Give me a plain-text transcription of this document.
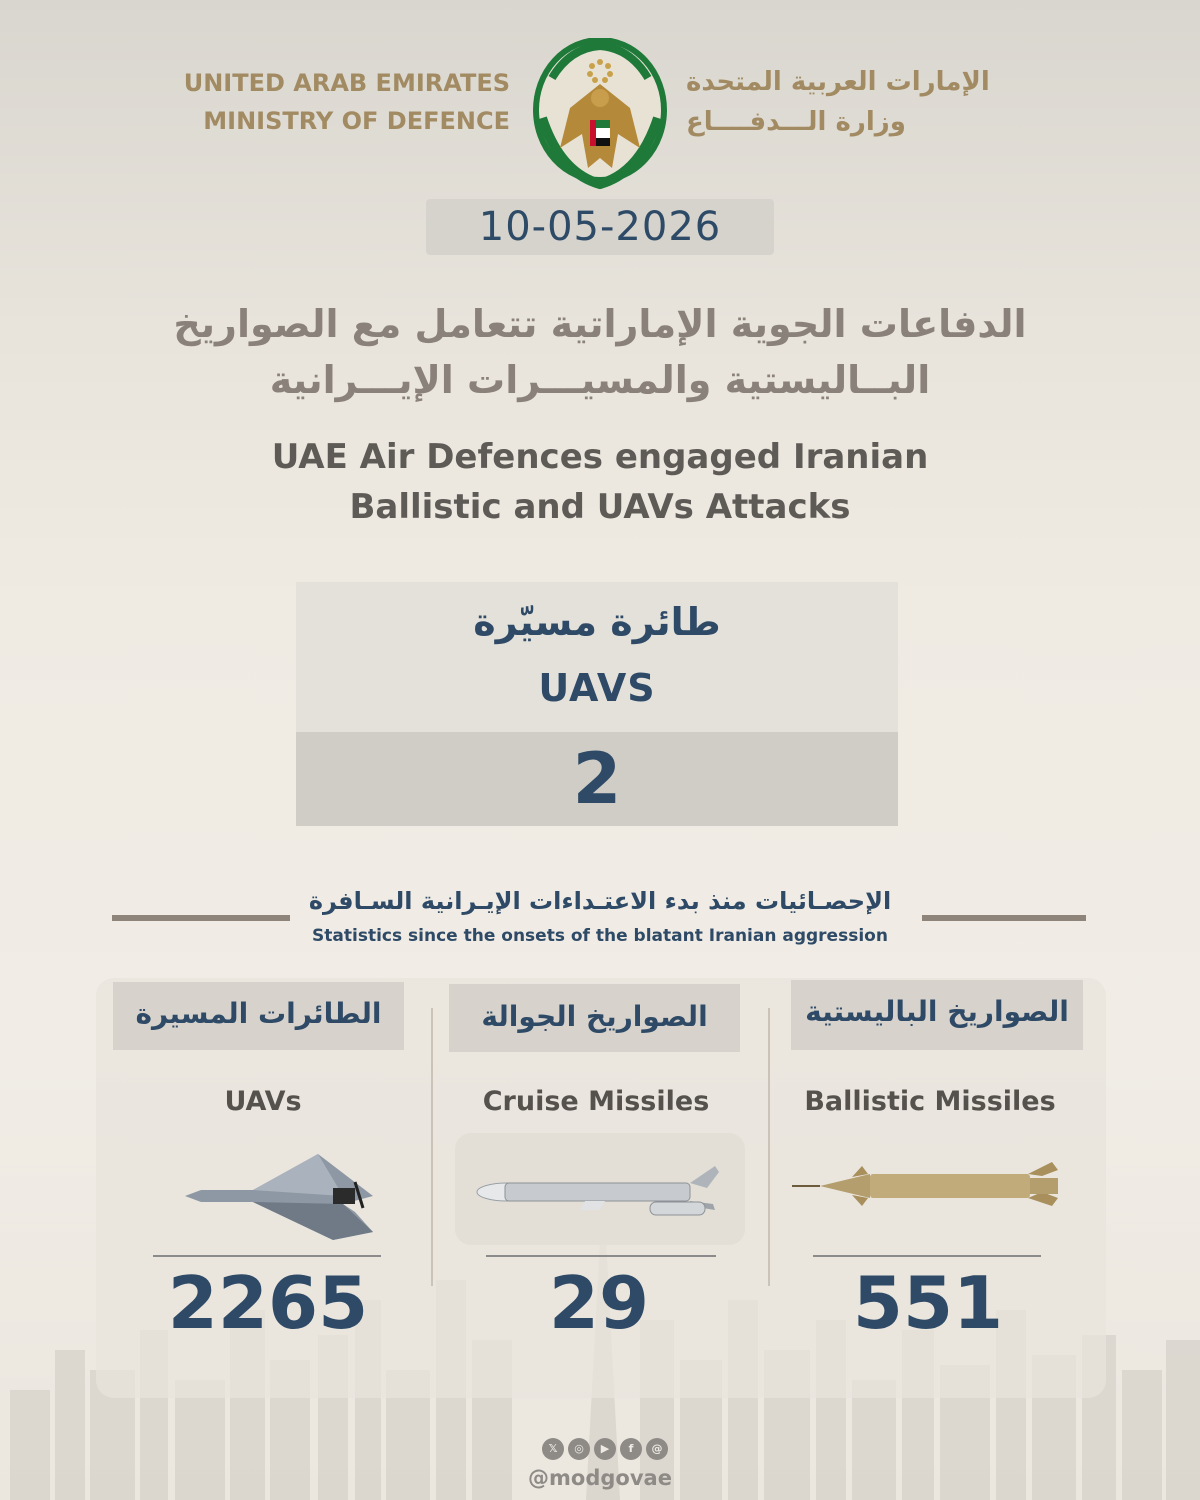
UNITED ARAB EMIRATES
MINISTRY OF DEFENCE
الإمارات العربية المتحدة
وزارة الـــدفــــاع
10-05-2026
الدفاعات الجوية الإماراتية تتعامل مع الصواريخ
البــاليستية والمسيـــرات الإيـــرانية
UAE Air Defences engaged Iranian
Ballistic and UAVs Attacks
طائرة مسيّرة
UAVS
2
الإحصـائيات منذ بدء الاعتـداءات الإيـرانية السـافرة
Statistics since the onsets of the blatant Iranian aggression
الطائرات المسيرة
UAVs
2265
الصواريخ الجوالة
Cruise Missiles
29
الصواريخ الباليستية
Ballistic Missiles
551
𝕏	◎	▶	f	@
@modgovae
